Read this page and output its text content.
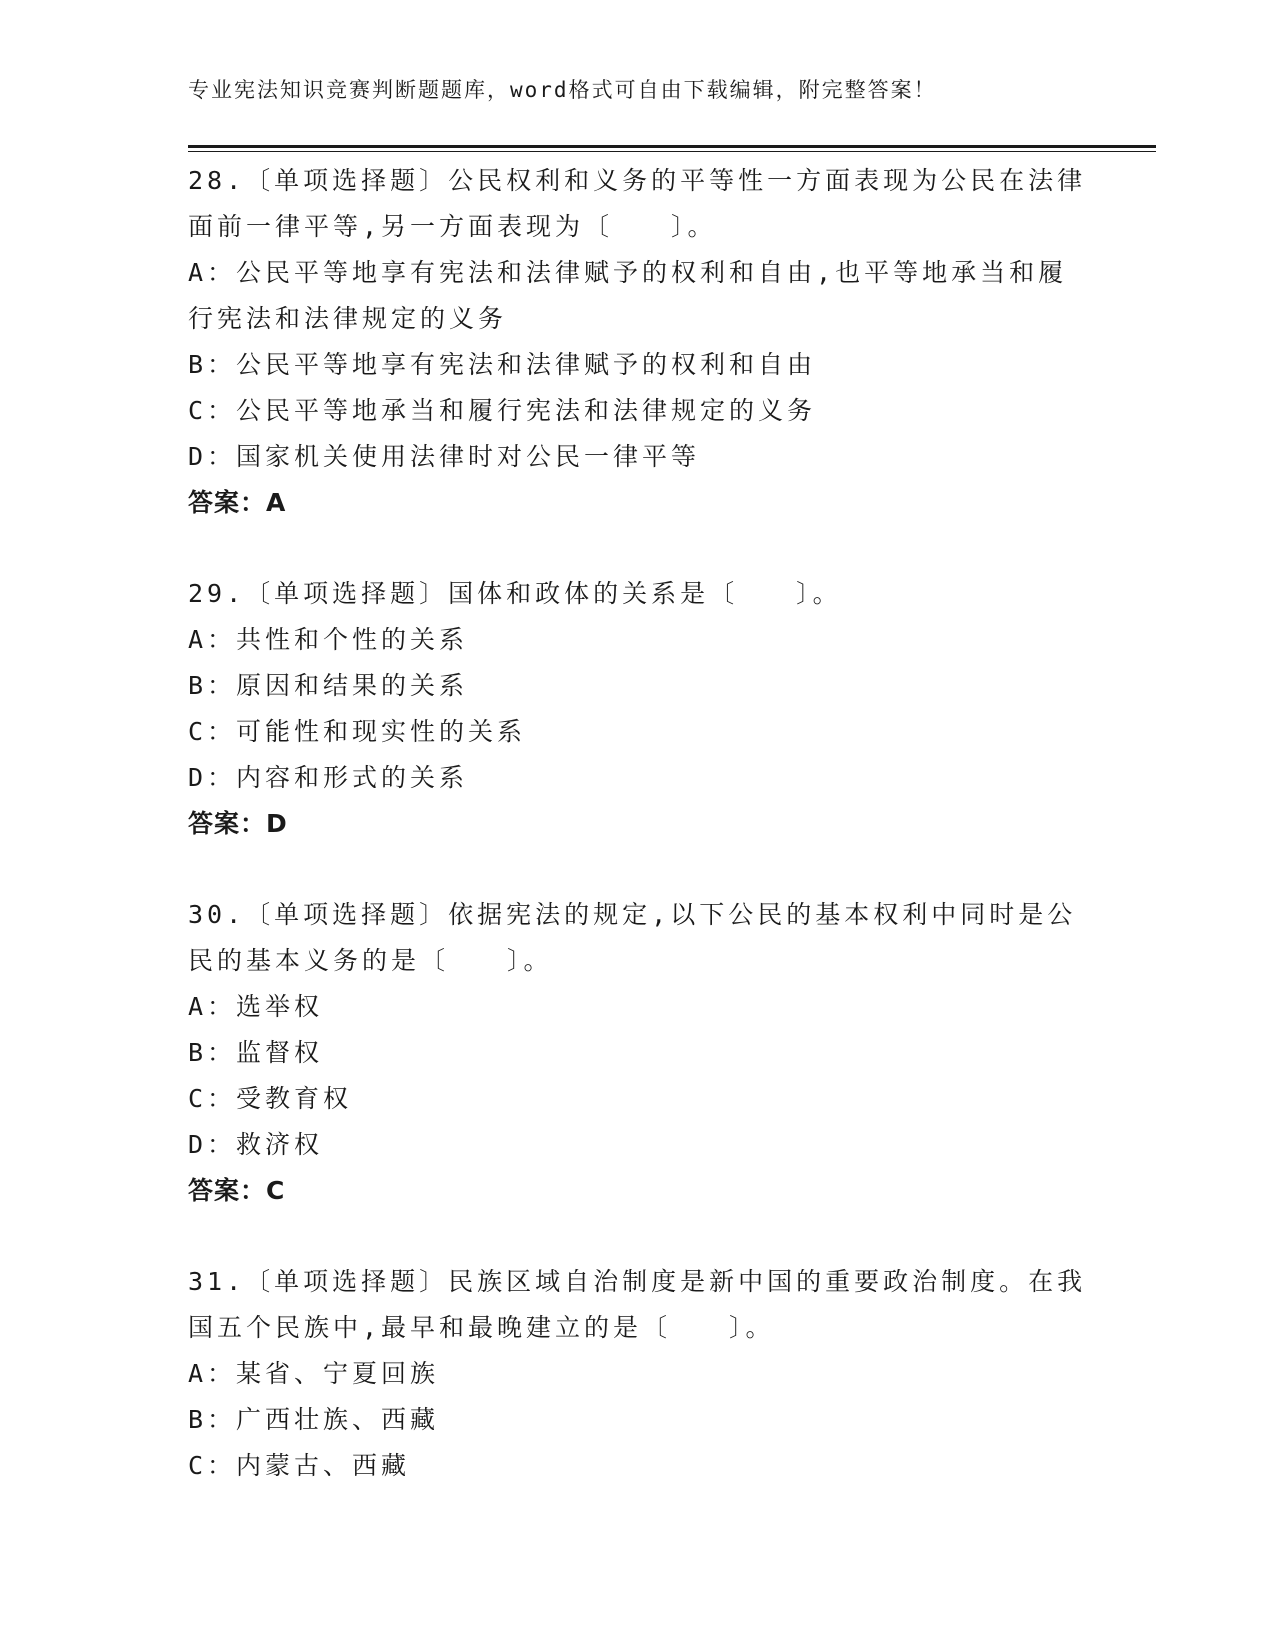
专业宪法知识竞赛判断题题库，word格式可自由下载编辑，附完整答案！
28.〔单项选择题〕公民权利和义务的平等性一方面表现为公民在法律
面前一律平等,另一方面表现为〔　　〕。
A：公民平等地享有宪法和法律赋予的权利和自由,也平等地承当和履
行宪法和法律规定的义务
B：公民平等地享有宪法和法律赋予的权利和自由
C：公民平等地承当和履行宪法和法律规定的义务
D：国家机关使用法律时对公民一律平等
答案：A
29.〔单项选择题〕国体和政体的关系是〔　　〕。
A：共性和个性的关系
B：原因和结果的关系
C：可能性和现实性的关系
D：内容和形式的关系
答案：D
30.〔单项选择题〕依据宪法的规定,以下公民的基本权利中同时是公
民的基本义务的是〔　　〕。
A：选举权
B：监督权
C：受教育权
D：救济权
答案：C
31.〔单项选择题〕民族区域自治制度是新中国的重要政治制度。在我
国五个民族中,最早和最晚建立的是〔　　〕。
A：某省、宁夏回族
B：广西壮族、西藏
C：内蒙古、西藏
